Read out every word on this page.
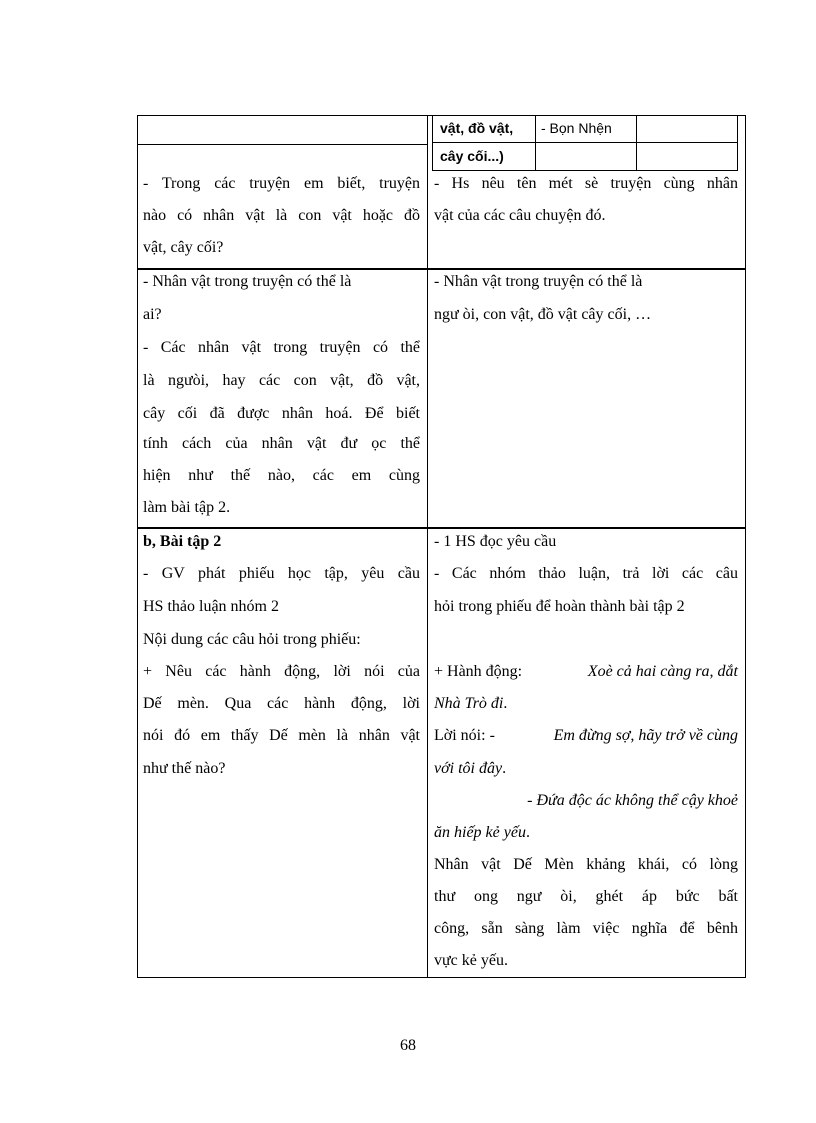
vật, đồ vật,
cây cối...)
- Bọn Nhện
- Trong các truyện em biết, truyện
nào có nhân vật là con vật hoặc đồ
vật, cây cối?
- Hs nêu tên mét sè truyện cùng nhân
vật của các câu chuyện đó.
- Nhân vật trong truyện có thể là
ai?
- Các nhân vật trong truyện có thể
là ngưòi, hay các con vật, đồ vật,
cây cối đã được nhân hoá. Để biết
tính cách của nhân vật đư ọc thể
hiện như thế nào, các em cùng
làm bài tập 2.
- Nhân vật trong truyện có thể là
ngư òi, con vật, đồ vật cây cối, …
b, Bài tập 2
- GV phát phiếu học tập, yêu cầu
HS thảo luận nhóm 2
Nội dung các câu hỏi trong phiếu:
+ Nêu các hành động, lời nói của
Dế mèn. Qua các hành động, lời
nói đó em thấy Dế mèn là nhân vật
như thế nào?
- 1 HS đọc yêu cầu
- Các nhóm thảo luận, trả lời các câu
hỏi trong phiếu để hoàn thành bài tập 2
+ Hành động:	Xoè cả hai càng ra, dắt
Nhà Trò đi.
Lời nói: -	Em đừng sợ, hãy trở về cùng
với tôi đây.
- Đứa độc ác không thể cậy khoẻ
ăn hiếp kẻ yếu.
Nhân vật Dế Mèn khảng khái, có lòng
thư ong ngư òi, ghét áp bức bất
công, sẵn sàng làm việc nghĩa để bênh
vực kẻ yếu.
68
